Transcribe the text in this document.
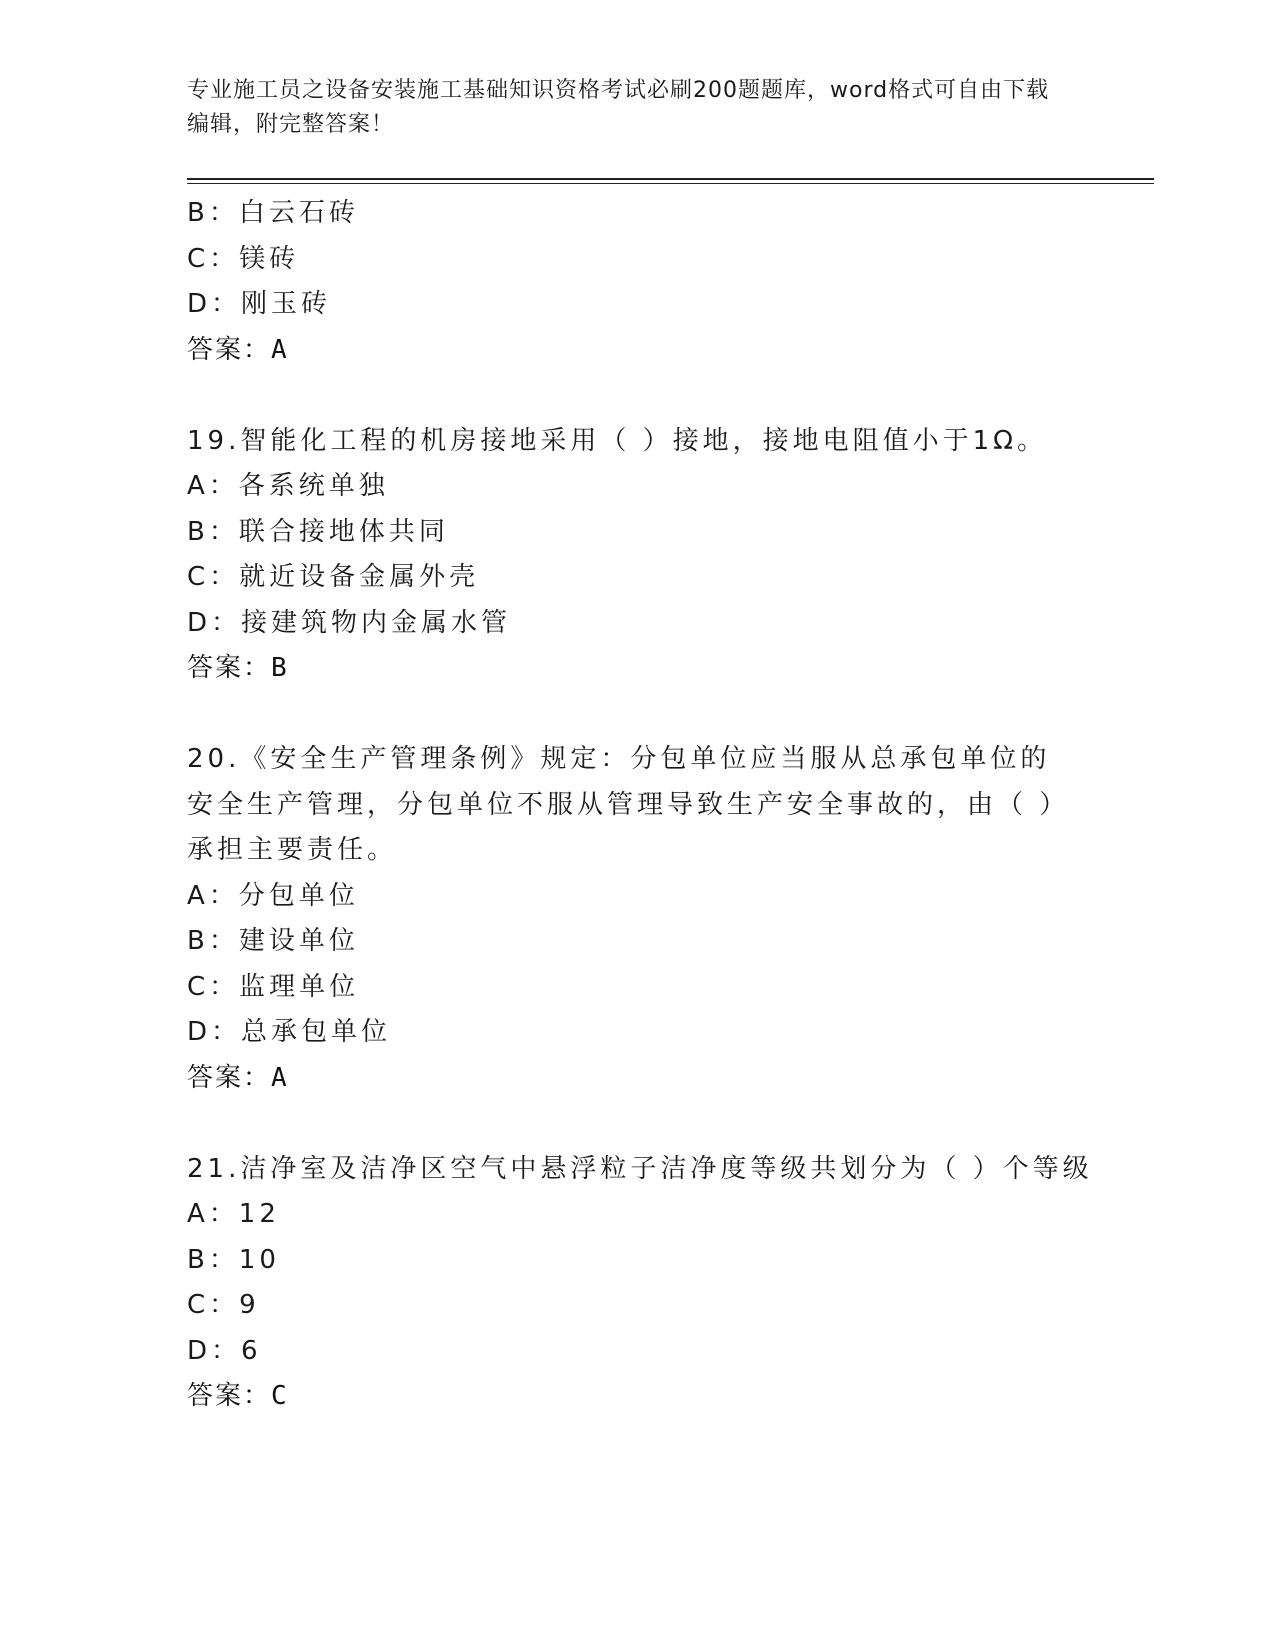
专业施工员之设备安装施工基础知识资格考试必刷200题题库，word格式可自由下载编辑，附完整答案！
B：白云石砖
C：镁砖
D：刚玉砖
答案：A
19.智能化工程的机房接地采用（ ）接地，接地电阻值小于1Ω。
A：各系统单独
B：联合接地体共同
C：就近设备金属外壳
D：接建筑物内金属水管
答案：B
20.《安全生产管理条例》规定：分包单位应当服从总承包单位的安全生产管理，分包单位不服从管理导致生产安全事故的，由（ ）承担主要责任。
A：分包单位
B：建设单位
C：监理单位
D：总承包单位
答案：A
21.洁净室及洁净区空气中悬浮粒子洁净度等级共划分为（ ）个等级
A：12
B：10
C：9
D：6
答案：C
